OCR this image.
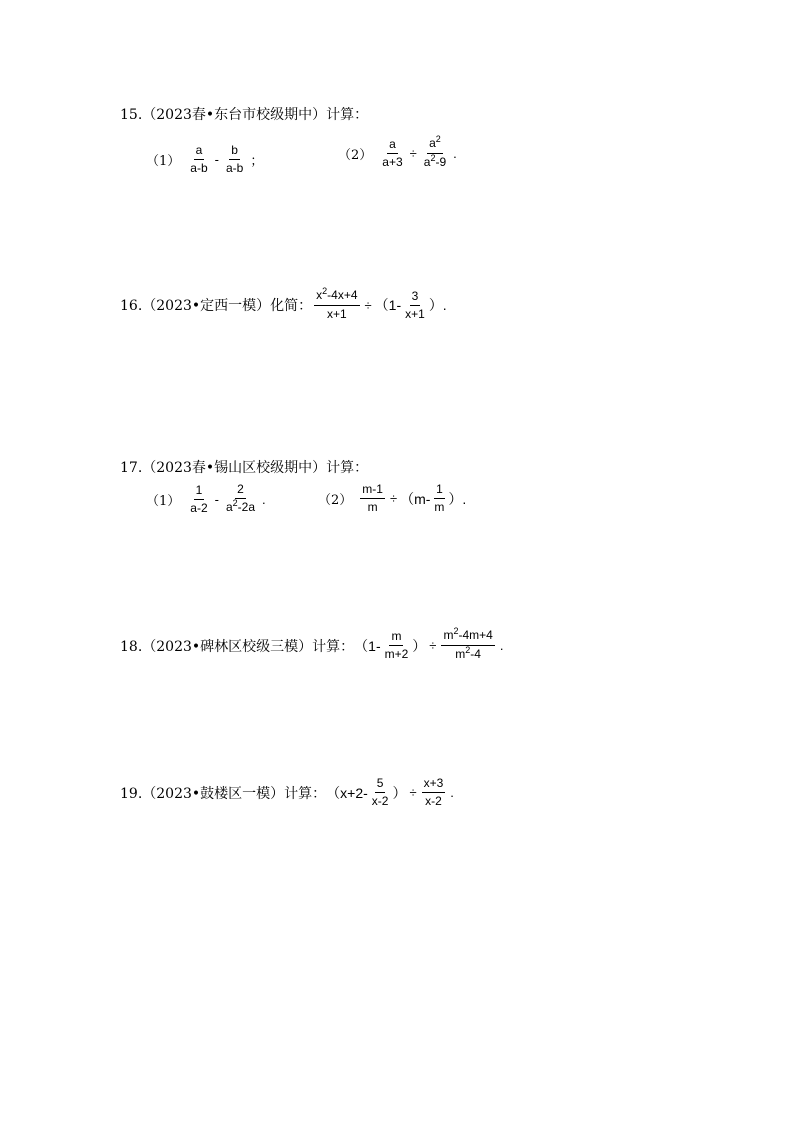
15.（2023春•东台市校级期中）计算：
$(1) \frac{a}{a-b} - \frac{b}{a-b}$ ；	$(2) \frac{a}{a+3} \div \frac{a^2}{a^2-9}$ .
16.（2023•定西一模）化简： $\frac{x^2-4x+4}{x+1} \div (1- \frac{3}{x+1}$ ）.
17.（2023春•锡山区校级期中）计算：
$(1) \frac{1}{a-2} - \frac{2}{a^2-2a}$ .	$(2) \frac{m-1}{m} \div (m- \frac{1}{m}$ ）.
18.（2023•碑林区校级三模）计算： （$1- \frac{m}{m+2}$ ） ÷ $\frac{m^2-4m+4}{m^2-4}$ .
19.（2023•鼓楼区一模）计算： （$x+2- \frac{5}{x-2}$ ） ÷ $\frac{x+3}{x-2}$ .
